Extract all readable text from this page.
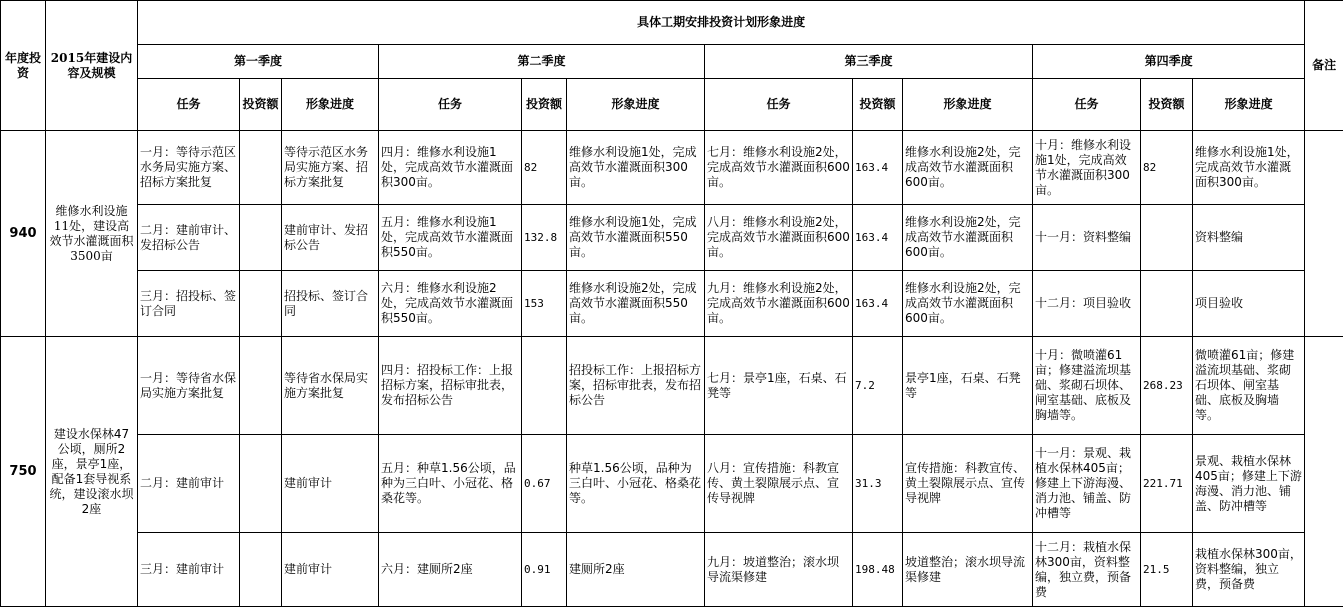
年度投资	2015年建设内容及规模	具体工期安排投资计划形象进度												备注
		第一季度			第二季度			第三季度			第四季度			
		任务	投资额	形象进度	任务	投资额	形象进度	任务	投资额	形象进度	任务	投资额	形象进度	
940	维修水利设施11处，建设高效节水灌溉面积3500亩	一月：等待示范区水务局实施方案、招标方案批复		等待示范区水务局实施方案、招标方案批复	四月：维修水利设施1处，完成高效节水灌溉面积300亩。	82	维修水利设施1处，完成高效节水灌溉面积300亩。	七月：维修水利设施2处，完成高效节水灌溉面积600亩。	163.4	维修水利设施2处，完成高效节水灌溉面积600亩。	十月：维修水利设施1处，完成高效节水灌溉面积300亩。	82	维修水利设施1处，完成高效节水灌溉面积300亩。	
		二月：建前审计、发招标公告		建前审计、发招标公告	五月：维修水利设施1处，完成高效节水灌溉面积550亩。	132.8	维修水利设施1处，完成高效节水灌溉面积550亩。	八月：维修水利设施2处，完成高效节水灌溉面积600亩。	163.4	维修水利设施2处，完成高效节水灌溉面积600亩。	十一月：资料整编		资料整编	
		三月：招投标、签订合同		招投标、签订合同	六月：维修水利设施2处，完成高效节水灌溉面积550亩。	153	维修水利设施2处，完成高效节水灌溉面积550亩。	九月：维修水利设施2处，完成高效节水灌溉面积600亩。	163.4	维修水利设施2处，完成高效节水灌溉面积600亩。	十二月：项目验收		项目验收	
750	建设水保林47公顷，厕所2座，景亭1座，配备1套导视系统，建设滚水坝2座	一月：等待省水保局实施方案批复		等待省水保局实施方案批复	四月：招投标工作：上报招标方案，招标审批表，发布招标公告		招投标工作：上报招标方案，招标审批表，发布招标公告	七月：景亭1座，石桌、石凳等	7.2	景亭1座，石桌、石凳等	十月：微喷灌61亩；修建溢流坝基础、浆砌石坝体、闸室基础、底板及胸墙等。	268.23	微喷灌61亩；修建溢流坝基础、浆砌石坝体、闸室基础、底板及胸墙等。	
		二月：建前审计		建前审计	五月：种草1.56公顷，品种为三白叶、小冠花、格桑花等。	0.67	种草1.56公顷，品种为三白叶、小冠花、格桑花等。	八月：宣传措施：科教宣传、黄土裂隙展示点、宣传导视牌	31.3	宣传措施：科教宣传、黄土裂隙展示点、宣传导视牌	十一月：景观、栽植水保林405亩；修建上下游海漫、消力池、铺盖、防冲槽等	221.71	景观、栽植水保林405亩；修建上下游海漫、消力池、铺盖、防冲槽等	
		三月：建前审计		建前审计	六月：建厕所2座	0.91	建厕所2座	九月：坡道整治；滚水坝导流渠修建	198.48	坡道整治；滚水坝导流渠修建	十二月：栽植水保林300亩，资料整编，独立费，预备费	21.5	栽植水保林300亩，资料整编，独立费，预备费	
